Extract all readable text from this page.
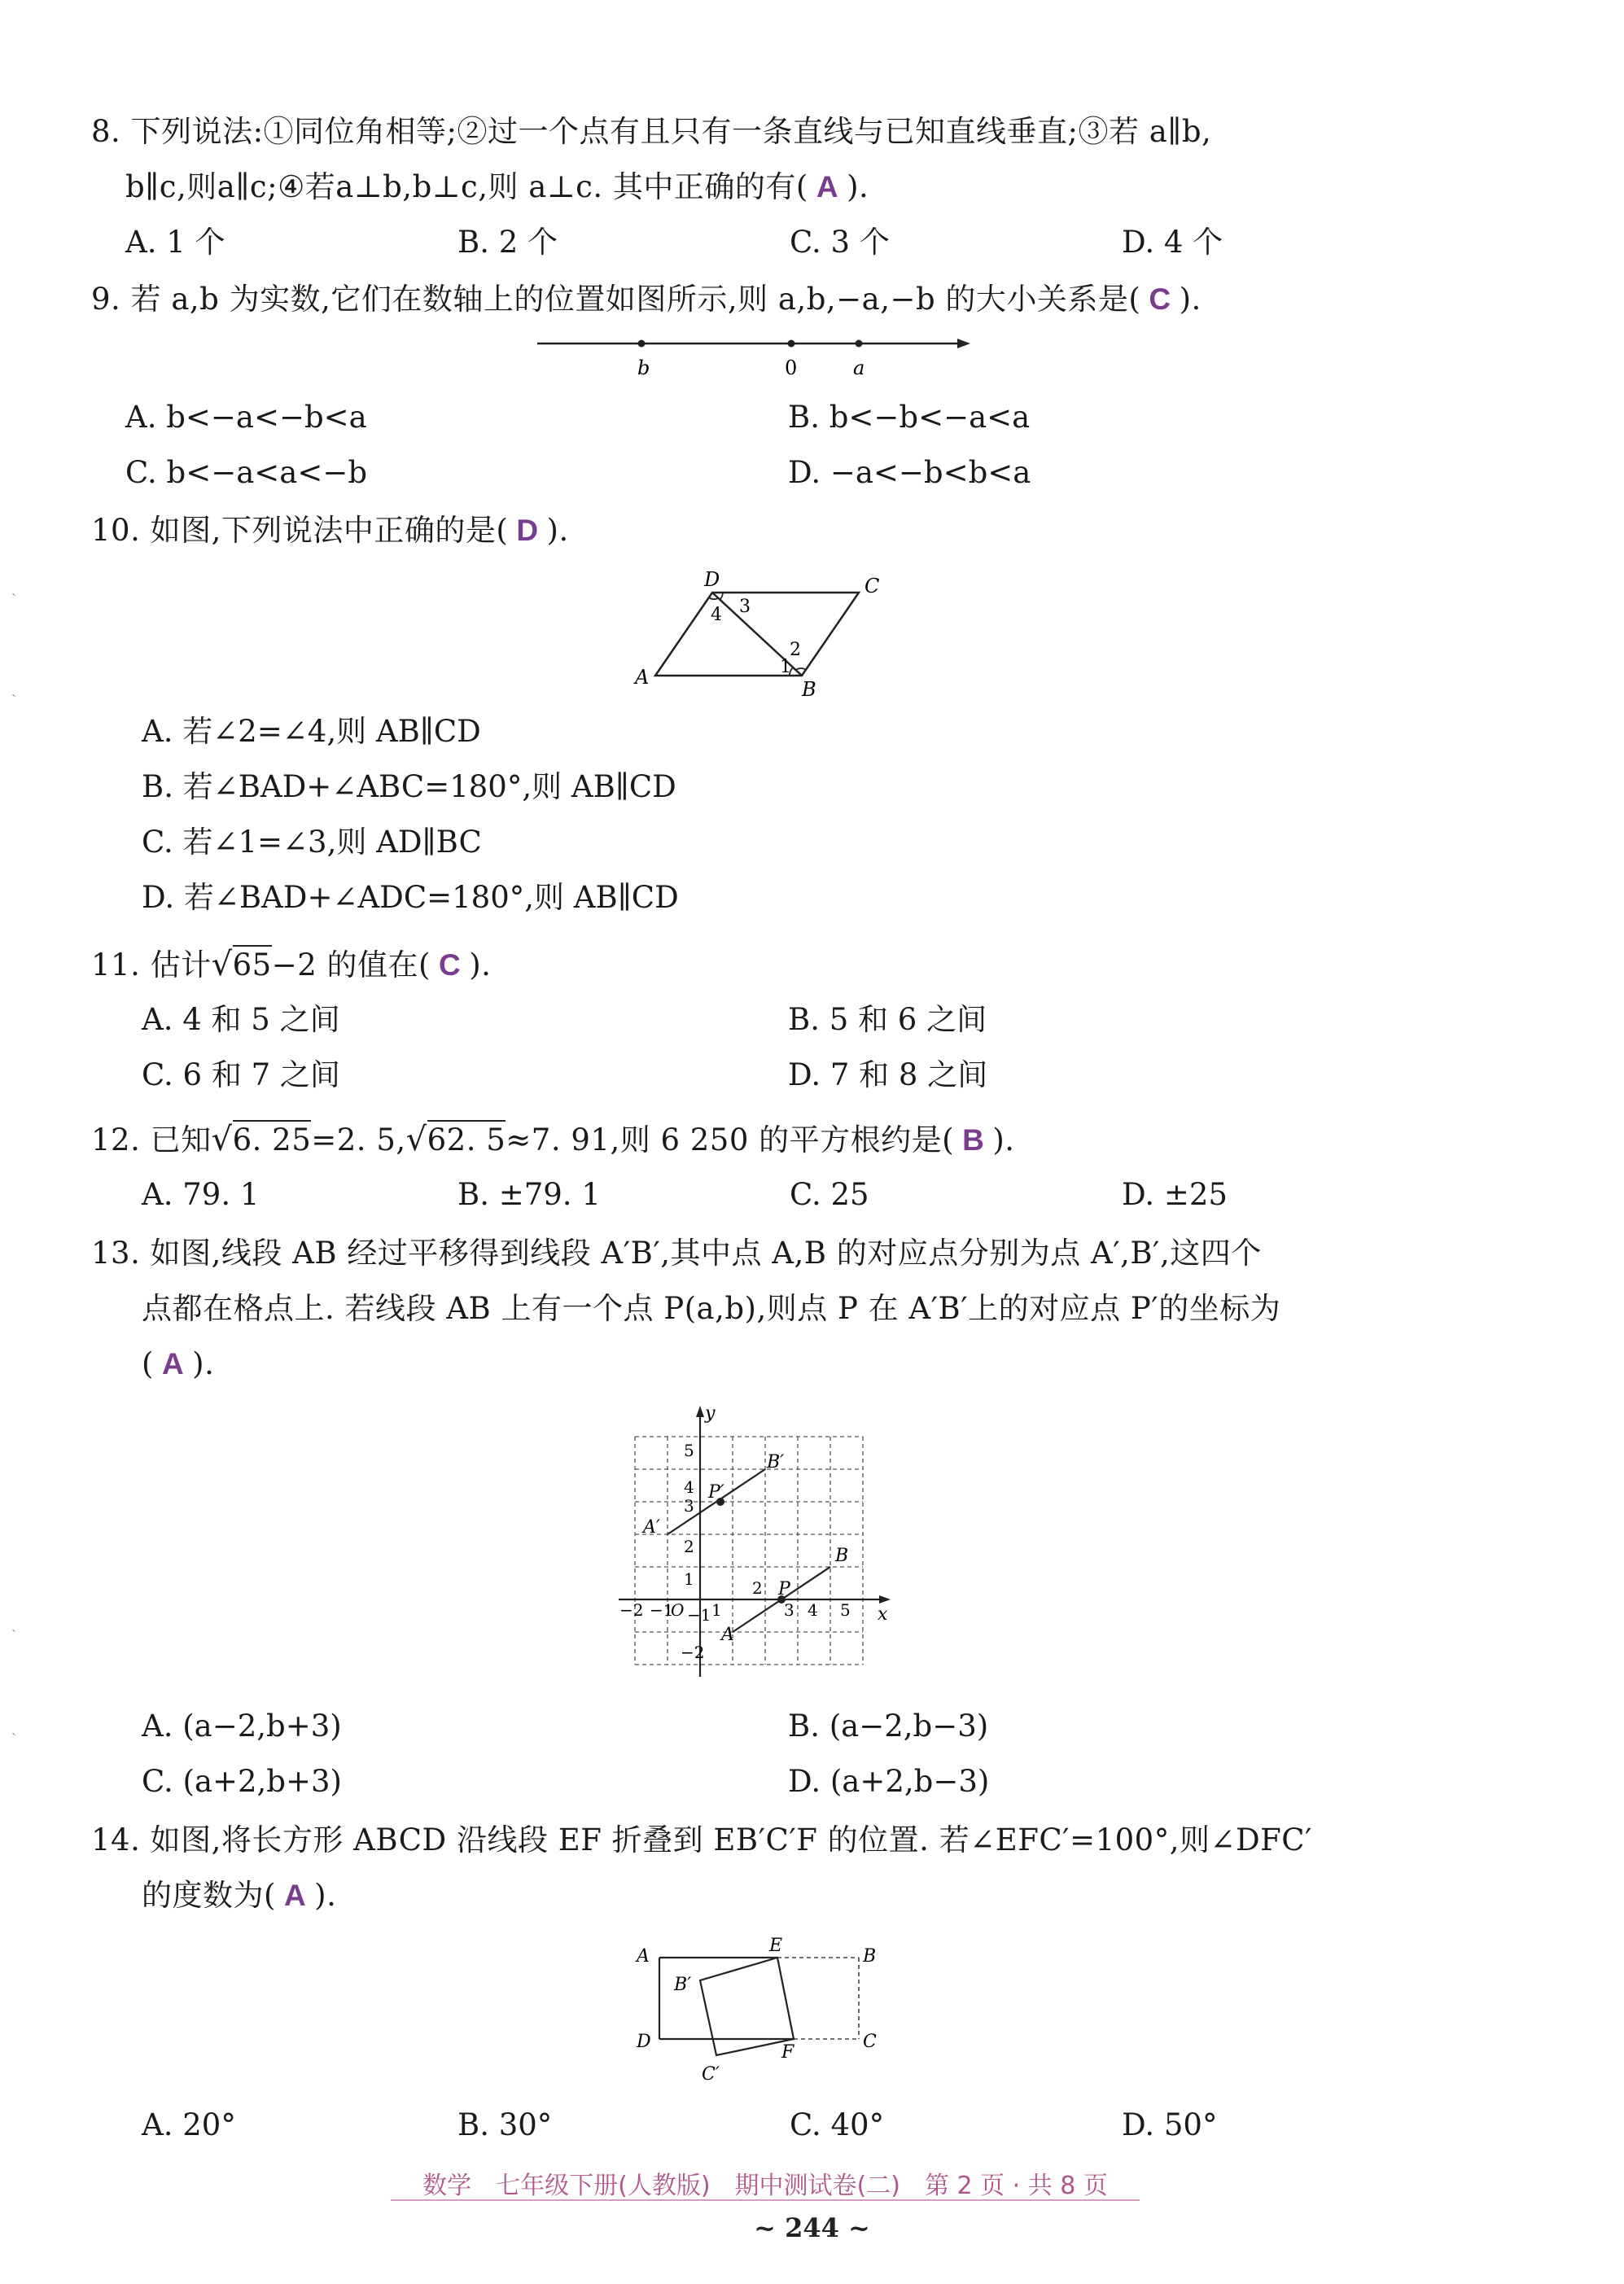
ˏ
ˎ
ˏ
ˎ
8. 下列说法:①同位角相等;②过一个点有且只有一条直线与已知直线垂直;③若 a∥b,
b∥c,则a∥c;④若a⊥b,b⊥c,则 a⊥c. 其中正确的有( A ).
A. 1 个	B. 2 个	C. 3 个	D. 4 个
9. 若 a,b 为实数,它们在数轴上的位置如图所示,则 a,b,−a,−b 的大小关系是( C ).
b	0	a
A. b<−a<−b<a	B. b<−b<−a<a
C. b<−a<a<−b	D. −a<−b<b<a
10. 如图,下列说法中正确的是( D ).
D	C
A
B
3
4
1
2
A. 若∠2=∠4,则 AB∥CD
B. 若∠BAD+∠ABC=180°,则 AB∥CD
C. 若∠1=∠3,则 AD∥BC
D. 若∠BAD+∠ADC=180°,则 AB∥CD
11. 估计√65−2 的值在( C ).
A. 4 和 5 之间	B. 5 和 6 之间
C. 6 和 7 之间	D. 7 和 8 之间
12. 已知√6. 25=2. 5,√62. 5≈7. 91,则 6 250 的平方根约是( B ).
A. 79. 1	B. ±79. 1	C. 25	D. ±25
13. 如图,线段 AB 经过平移得到线段 A′B′,其中点 A,B 的对应点分别为点 A′,B′,这四个
点都在格点上. 若线段 AB 上有一个点 P(a,b),则点 P 在 A′B′上的对应点 P′的坐标为
( A ).
y
x
O
−2 −1 1
2
3 4 5
−2
−1
1
2
3
4
5
A
B
P
A′
B′
P′
A. (a−2,b+3)	B. (a−2,b−3)
C. (a+2,b+3)	D. (a+2,b−3)
14. 如图,将长方形 ABCD 沿线段 EF 折叠到 EB′C′F 的位置. 若∠EFC′=100°,则∠DFC′
的度数为( A ).
A	B
C
D
E
F
B′
C′
A. 20°	B. 30°	C. 40°	D. 50°
数学　七年级下册(人教版)　期中测试卷(二)　第 2 页 · 共 8 页
~ 244 ~
